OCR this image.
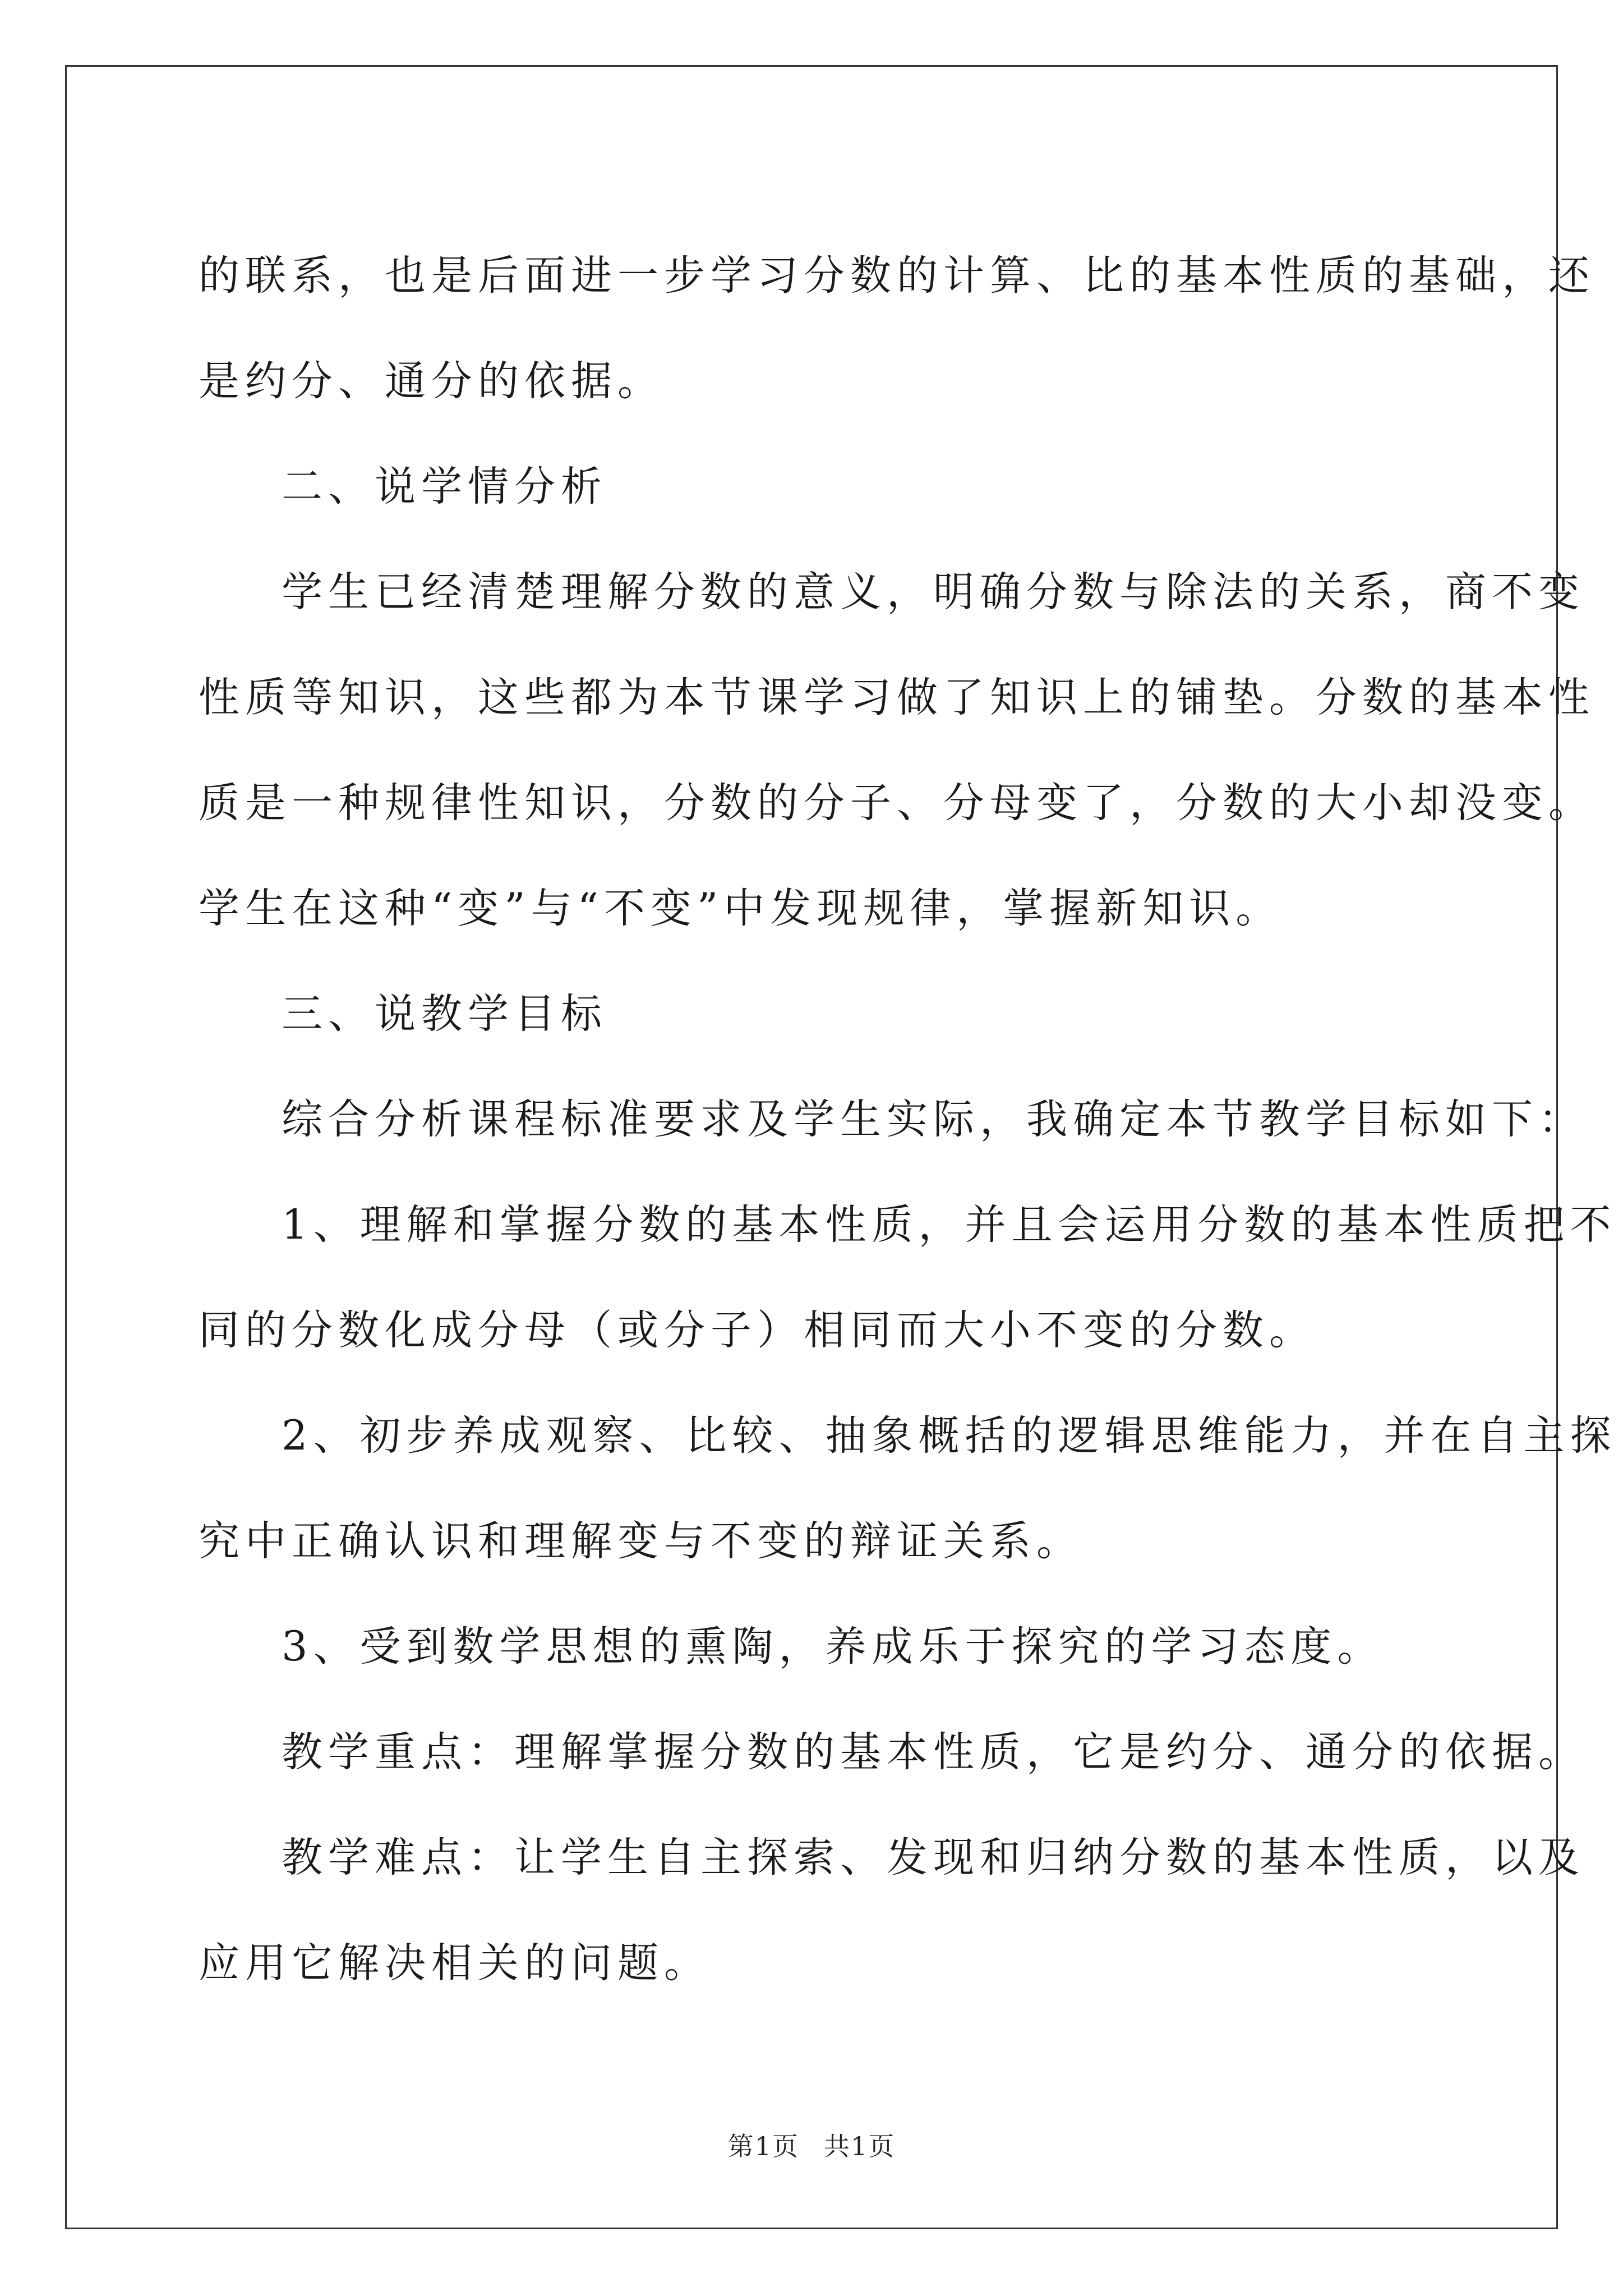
的联系，也是后面进一步学习分数的计算、比的基本性质的基础，还
是约分、通分的依据。
二、说学情分析
学生已经清楚理解分数的意义，明确分数与除法的关系，商不变
性质等知识，这些都为本节课学习做了知识上的铺垫。分数的基本性
质是一种规律性知识，分数的分子、分母变了，分数的大小却没变。
学生在这种“变”与“不变”中发现规律，掌握新知识。
三、说教学目标
综合分析课程标准要求及学生实际，我确定本节教学目标如下：
1、理解和掌握分数的基本性质，并且会运用分数的基本性质把不
同的分数化成分母（或分子）相同而大小不变的分数。
2、初步养成观察、比较、抽象概括的逻辑思维能力，并在自主探
究中正确认识和理解变与不变的辩证关系。
3、受到数学思想的熏陶，养成乐于探究的学习态度。
教学重点：理解掌握分数的基本性质，它是约分、通分的依据。
教学难点：让学生自主探索、发现和归纳分数的基本性质，以及
应用它解决相关的问题。
第1页 共1页
